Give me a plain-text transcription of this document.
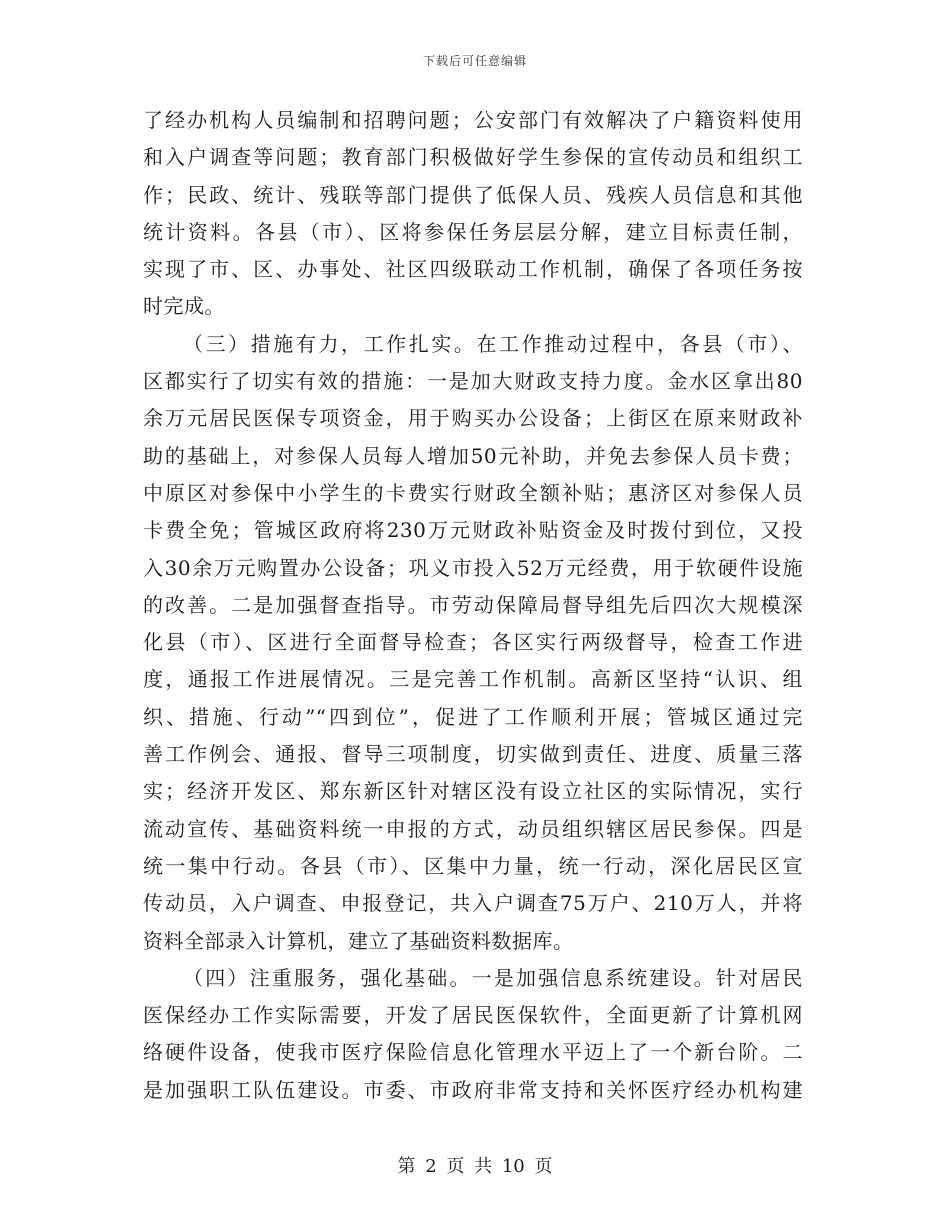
下载后可任意编辑
了经办机构人员编制和招聘问题；公安部门有效解决了户籍资料使用
和入户调查等问题；教育部门积极做好学生参保的宣传动员和组织工
作；民政、统计、残联等部门提供了低保人员、残疾人员信息和其他
统计资料。各县（市）、区将参保任务层层分解，建立目标责任制，
实现了市、区、办事处、社区四级联动工作机制，确保了各项任务按
时完成。
（三）措施有力，工作扎实。在工作推动过程中，各县（市）、
区都实行了切实有效的措施：一是加大财政支持力度。金水区拿出80
余万元居民医保专项资金，用于购买办公设备；上街区在原来财政补
助的基础上，对参保人员每人增加50元补助，并免去参保人员卡费；
中原区对参保中小学生的卡费实行财政全额补贴；惠济区对参保人员
卡费全免；管城区政府将230万元财政补贴资金及时拨付到位，又投
入30余万元购置办公设备；巩义市投入52万元经费，用于软硬件设施
的改善。二是加强督查指导。市劳动保障局督导组先后四次大规模深
化县（市）、区进行全面督导检查；各区实行两级督导，检查工作进
度，通报工作进展情况。三是完善工作机制。高新区坚持“认识、组
织、措施、行动”“四到位”，促进了工作顺利开展；管城区通过完
善工作例会、通报、督导三项制度，切实做到责任、进度、质量三落
实；经济开发区、郑东新区针对辖区没有设立社区的实际情况，实行
流动宣传、基础资料统一申报的方式，动员组织辖区居民参保。四是
统一集中行动。各县（市）、区集中力量，统一行动，深化居民区宣
传动员，入户调查、申报登记，共入户调查75万户、210万人，并将
资料全部录入计算机，建立了基础资料数据库。
（四）注重服务，强化基础。一是加强信息系统建设。针对居民
医保经办工作实际需要，开发了居民医保软件，全面更新了计算机网
络硬件设备，使我市医疗保险信息化管理水平迈上了一个新台阶。二
是加强职工队伍建设。市委、市政府非常支持和关怀医疗经办机构建
第 2 页 共 10 页
